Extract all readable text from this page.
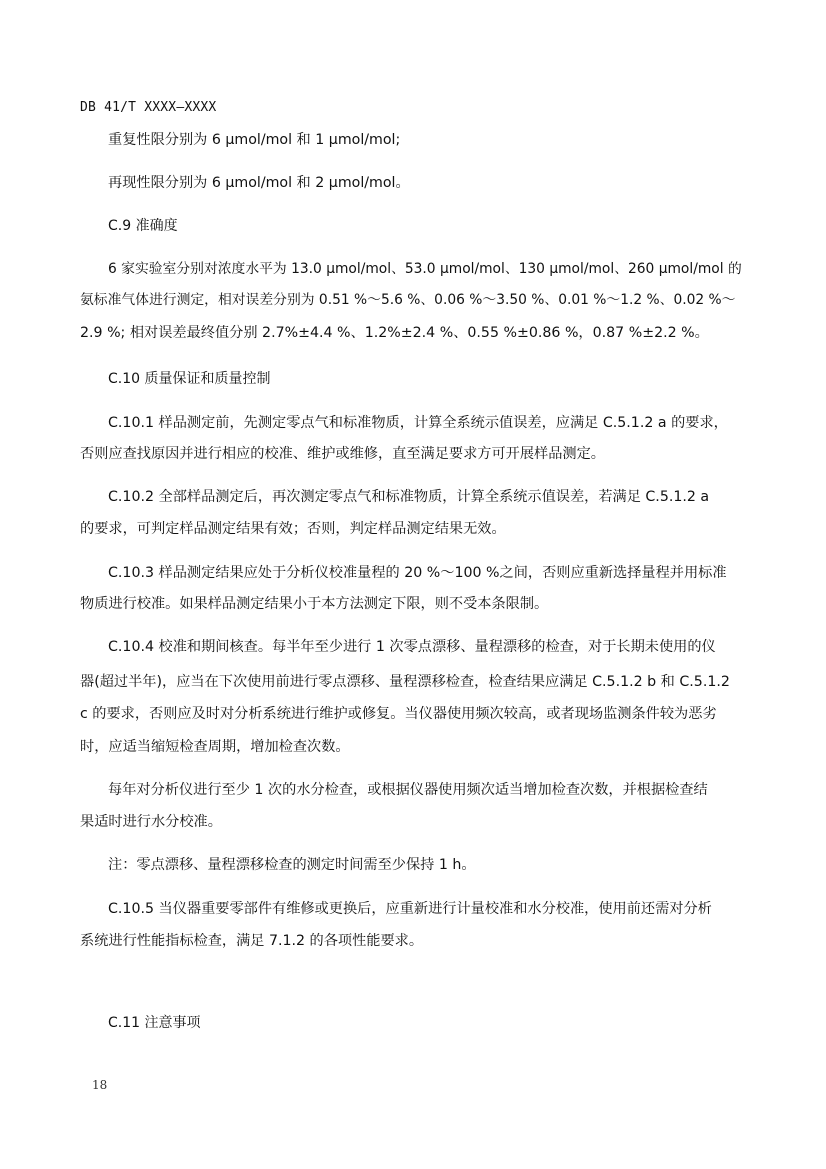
DB 41/T XXXX—XXXX
重复性限分别为 6 μmol/mol 和 1 μmol/mol;
再现性限分别为 6 μmol/mol 和 2 μmol/mol。
C.9 准确度
6 家实验室分别对浓度水平为 13.0 μmol/mol、53.0 μmol/mol、130 μmol/mol、260 μmol/mol 的
氨标准气体进行测定，相对误差分别为 0.51 %～5.6 %、0.06 %～3.50 %、0.01 %～1.2 %、0.02 %～
2.9 %; 相对误差最终值分别 2.7%±4.4 %、1.2%±2.4 %、0.55 %±0.86 %，0.87 %±2.2 %。
C.10 质量保证和质量控制
C.10.1 样品测定前，先测定零点气和标准物质，计算全系统示值误差，应满足 C.5.1.2 a 的要求，
否则应查找原因并进行相应的校准、维护或维修，直至满足要求方可开展样品测定。
C.10.2 全部样品测定后，再次测定零点气和标准物质，计算全系统示值误差，若满足 C.5.1.2 a
的要求，可判定样品测定结果有效；否则，判定样品测定结果无效。
C.10.3 样品测定结果应处于分析仪校准量程的 20 %～100 %之间，否则应重新选择量程并用标准
物质进行校准。如果样品测定结果小于本方法测定下限，则不受本条限制。
C.10.4 校准和期间核查。每半年至少进行 1 次零点漂移、量程漂移的检查，对于长期未使用的仪
器(超过半年)，应当在下次使用前进行零点漂移、量程漂移检查，检查结果应满足 C.5.1.2 b 和 C.5.1.2
c 的要求，否则应及时对分析系统进行维护或修复。当仪器使用频次较高，或者现场监测条件较为恶劣
时，应适当缩短检查周期，增加检查次数。
每年对分析仪进行至少 1 次的水分检查，或根据仪器使用频次适当增加检查次数，并根据检查结
果适时进行水分校准。
注：零点漂移、量程漂移检查的测定时间需至少保持 1 h。
C.10.5 当仪器重要零部件有维修或更换后，应重新进行计量校准和水分校准，使用前还需对分析
系统进行性能指标检查，满足 7.1.2 的各项性能要求。
C.11 注意事项
18
